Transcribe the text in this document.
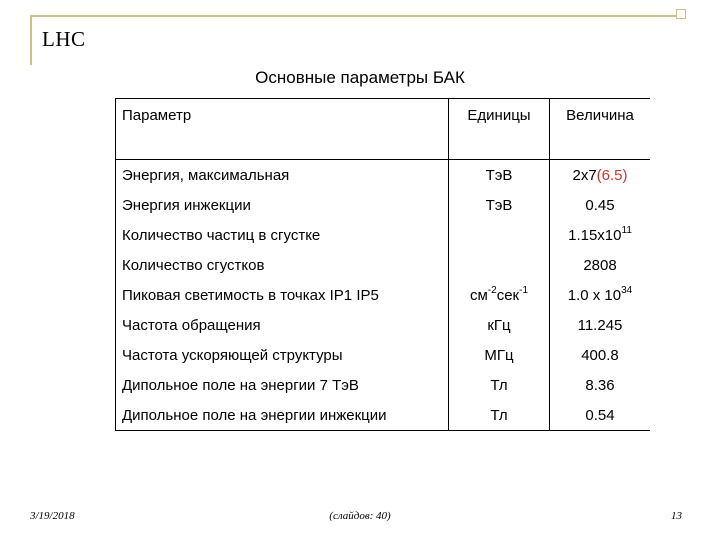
LHC
Основные параметры БАК
Параметр	Единицы	Величина
Энергия, максимальная	ТэВ	2x7(6.5)
Энергия инжекции	ТэВ	0.45
Количество частиц в сгустке		$1.15x10^{11}$
Количество сгустков		2808
Пиковая светимость в точках IP1 IP5	$см^{-2}сек^{-1}$	1.0 x $10^{34}$
Частота обращения	кГц	11.245
Частота ускоряющей структуры	МГц	400.8
Дипольное поле на энергии 7 ТэВ	Тл	8.36
Дипольное поле на энергии инжекции	Тл	0.54
3/19/2018	(слайдов: 40)	13
